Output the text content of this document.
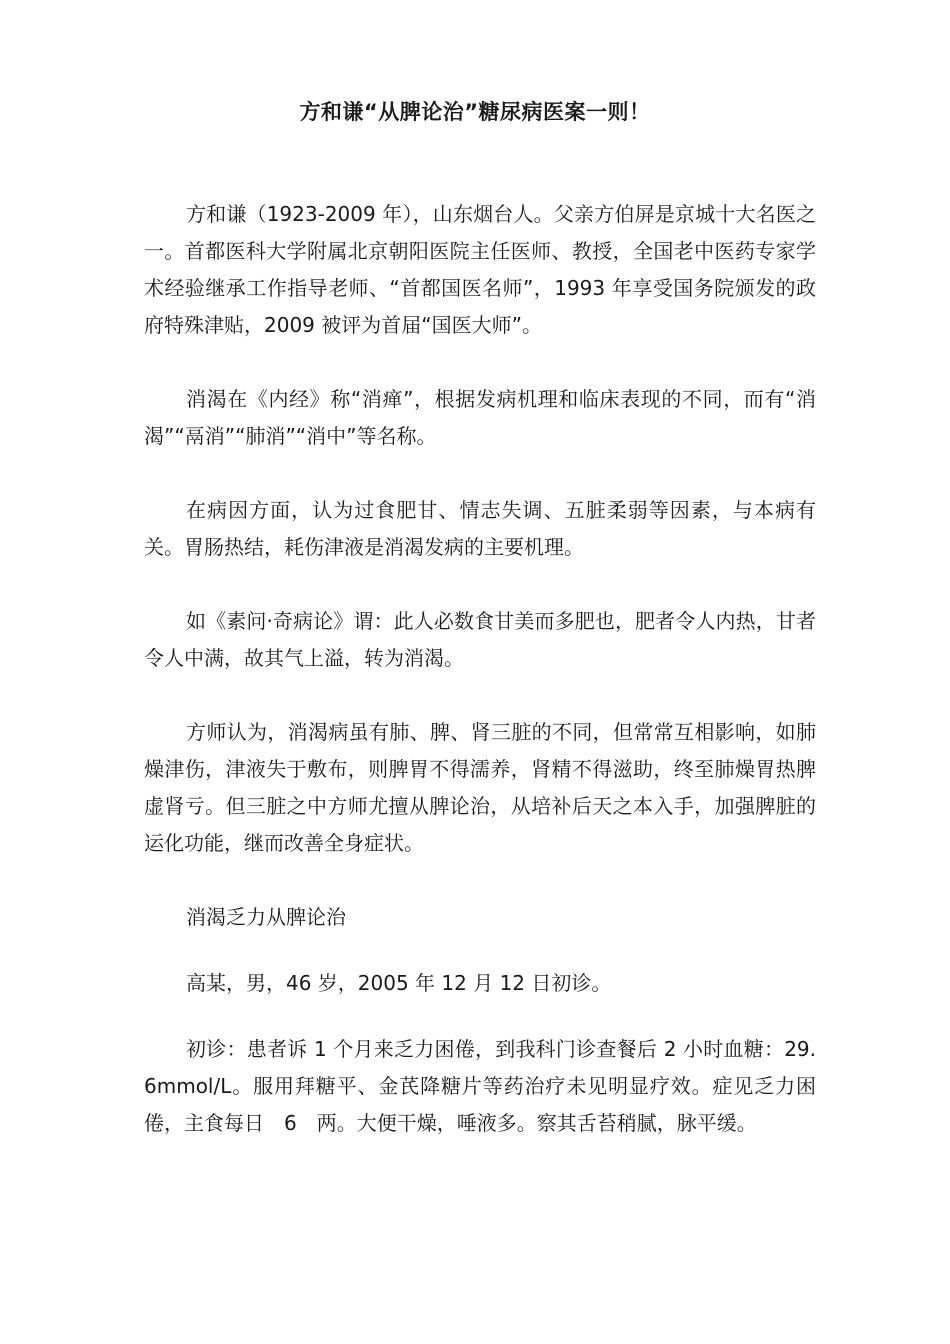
方和谦“从脾论治”糖尿病医案一则！

方和谦（1923-2009 年），山东烟台人。父亲方伯屏是京城十大名医之一。首都医科大学附属北京朝阳医院主任医师、教授，全国老中医药专家学术经验继承工作指导老师、“首都国医名师”，1993 年享受国务院颁发的政府特殊津贴，2009 被评为首届“国医大师”。

消渴在《内经》称“消瘅”，根据发病机理和临床表现的不同，而有“消渴”“鬲消”“肺消”“消中”等名称。

在病因方面，认为过食肥甘、情志失调、五脏柔弱等因素，与本病有关。胃肠热结，耗伤津液是消渴发病的主要机理。

如《素问·奇病论》谓：此人必数食甘美而多肥也，肥者令人内热，甘者令人中满，故其气上溢，转为消渴。

方师认为，消渴病虽有肺、脾、肾三脏的不同，但常常互相影响，如肺燥津伤，津液失于敷布，则脾胃不得濡养，肾精不得滋助，终至肺燥胃热脾虚肾亏。但三脏之中方师尤擅从脾论治，从培补后天之本入手，加强脾脏的运化功能，继而改善全身症状。

消渴乏力从脾论治

高某，男，46 岁，2005 年 12 月 12 日初诊。

初诊：患者诉 1 个月来乏力困倦，到我科门诊查餐后 2 小时血糖：29.6mmol/L。服用拜糖平、金芪降糖片等药治疗未见明显疗效。症见乏力困倦，主食每日　6　两。大便干燥，唾液多。察其舌苔稍腻，脉平缓。
